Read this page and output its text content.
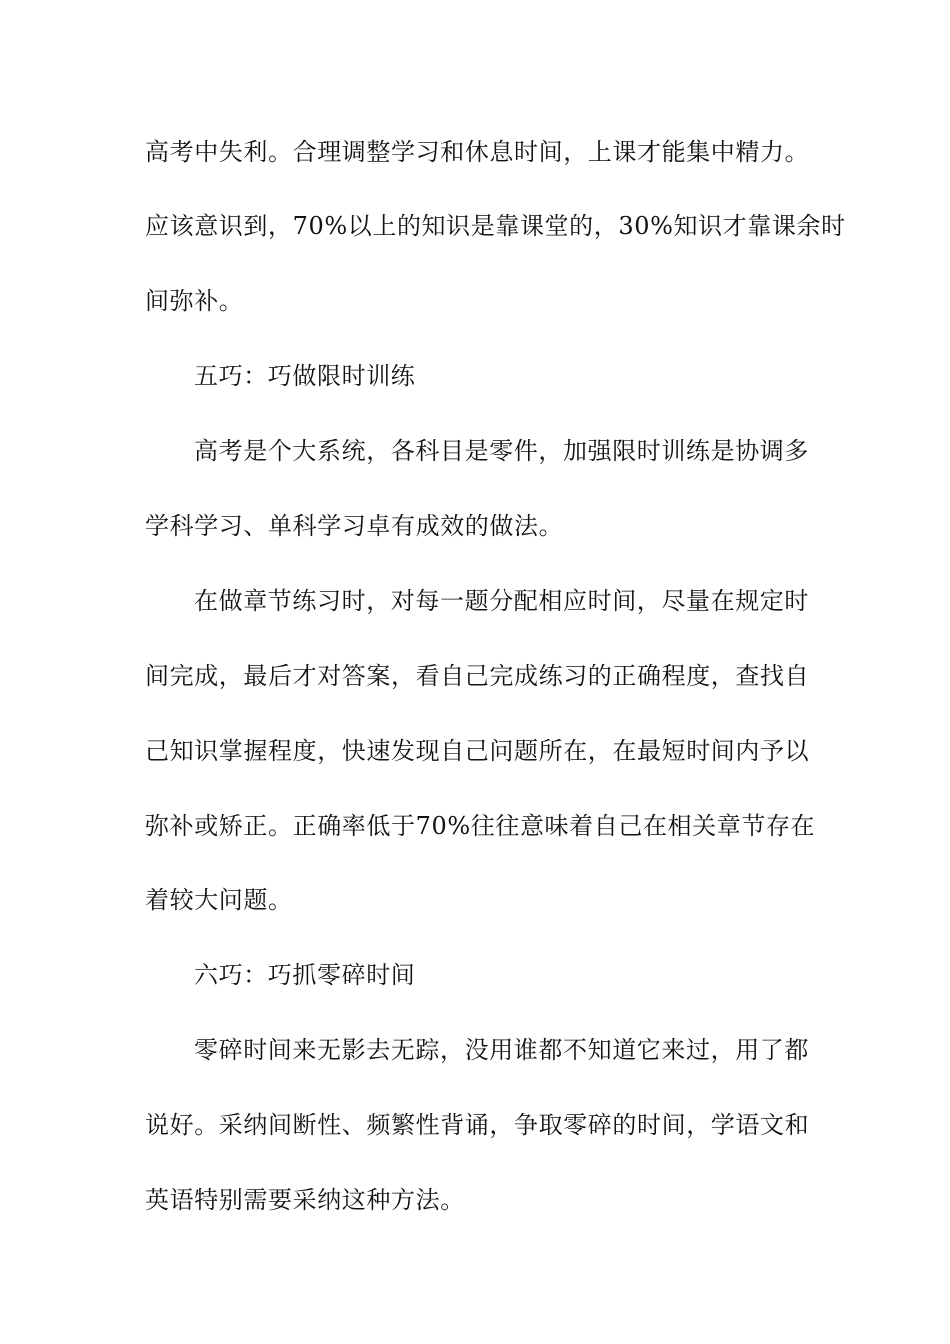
高考中失利。合理调整学习和休息时间，上课才能集中精力。
应该意识到，70%以上的知识是靠课堂的，30%知识才靠课余时
间弥补。
五巧：巧做限时训练
高考是个大系统，各科目是零件，加强限时训练是协调多
学科学习、单科学习卓有成效的做法。
在做章节练习时，对每一题分配相应时间，尽量在规定时
间完成，最后才对答案，看自己完成练习的正确程度，查找自
己知识掌握程度，快速发现自己问题所在，在最短时间内予以
弥补或矫正。正确率低于70%往往意味着自己在相关章节存在
着较大问题。
六巧：巧抓零碎时间
零碎时间来无影去无踪，没用谁都不知道它来过，用了都
说好。采纳间断性、频繁性背诵，争取零碎的时间，学语文和
英语特别需要采纳这种方法。
